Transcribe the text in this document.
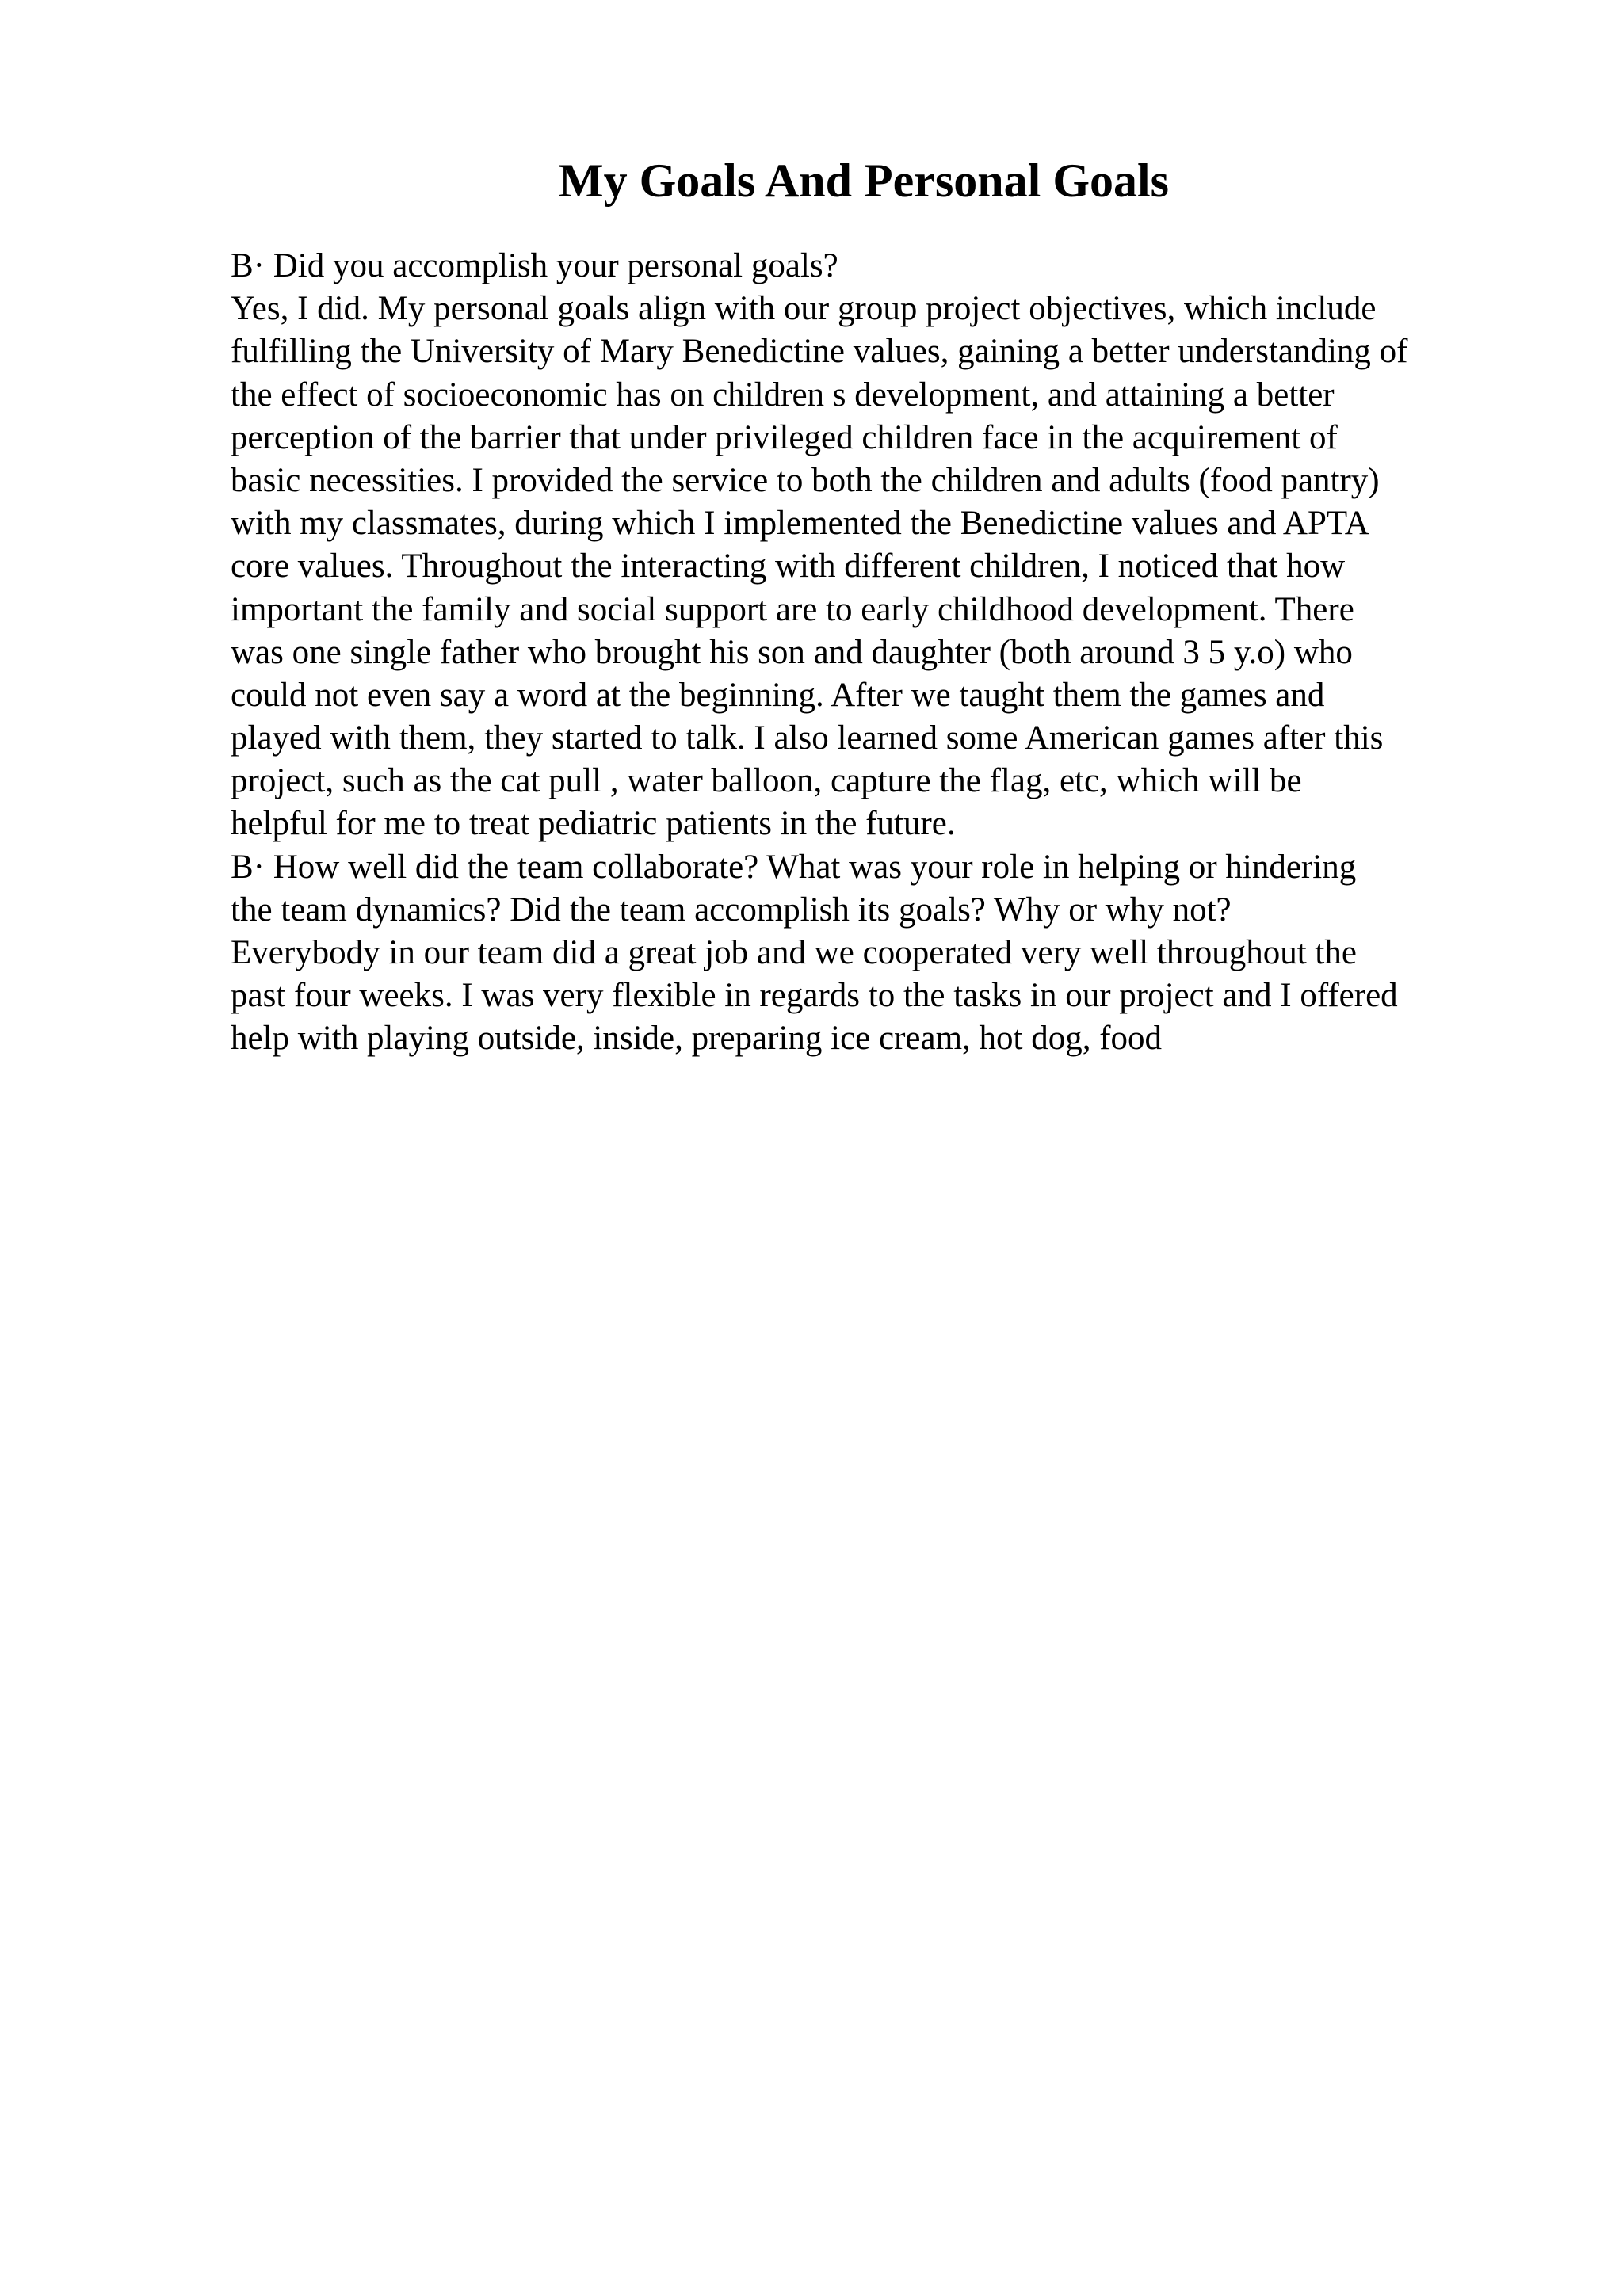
My Goals And Personal Goals
B· Did you accomplish your personal goals?
Yes, I did. My personal goals align with our group project objectives, which include
fulfilling the University of Mary Benedictine values, gaining a better understanding of
the effect of socioeconomic has on children s development, and attaining a better
perception of the barrier that under privileged children face in the acquirement of
basic necessities. I provided the service to both the children and adults (food pantry)
with my classmates, during which I implemented the Benedictine values and APTA
core values. Throughout the interacting with different children, I noticed that how
important the family and social support are to early childhood development. There
was one single father who brought his son and daughter (both around 3 5 y.o) who
could not even say a word at the beginning. After we taught them the games and
played with them, they started to talk. I also learned some American games after this
project, such as the cat pull , water balloon, capture the flag, etc, which will be
helpful for me to treat pediatric patients in the future.
B· How well did the team collaborate? What was your role in helping or hindering
the team dynamics? Did the team accomplish its goals? Why or why not?
Everybody in our team did a great job and we cooperated very well throughout the
past four weeks. I was very flexible in regards to the tasks in our project and I offered
help with playing outside, inside, preparing ice cream, hot dog, food
